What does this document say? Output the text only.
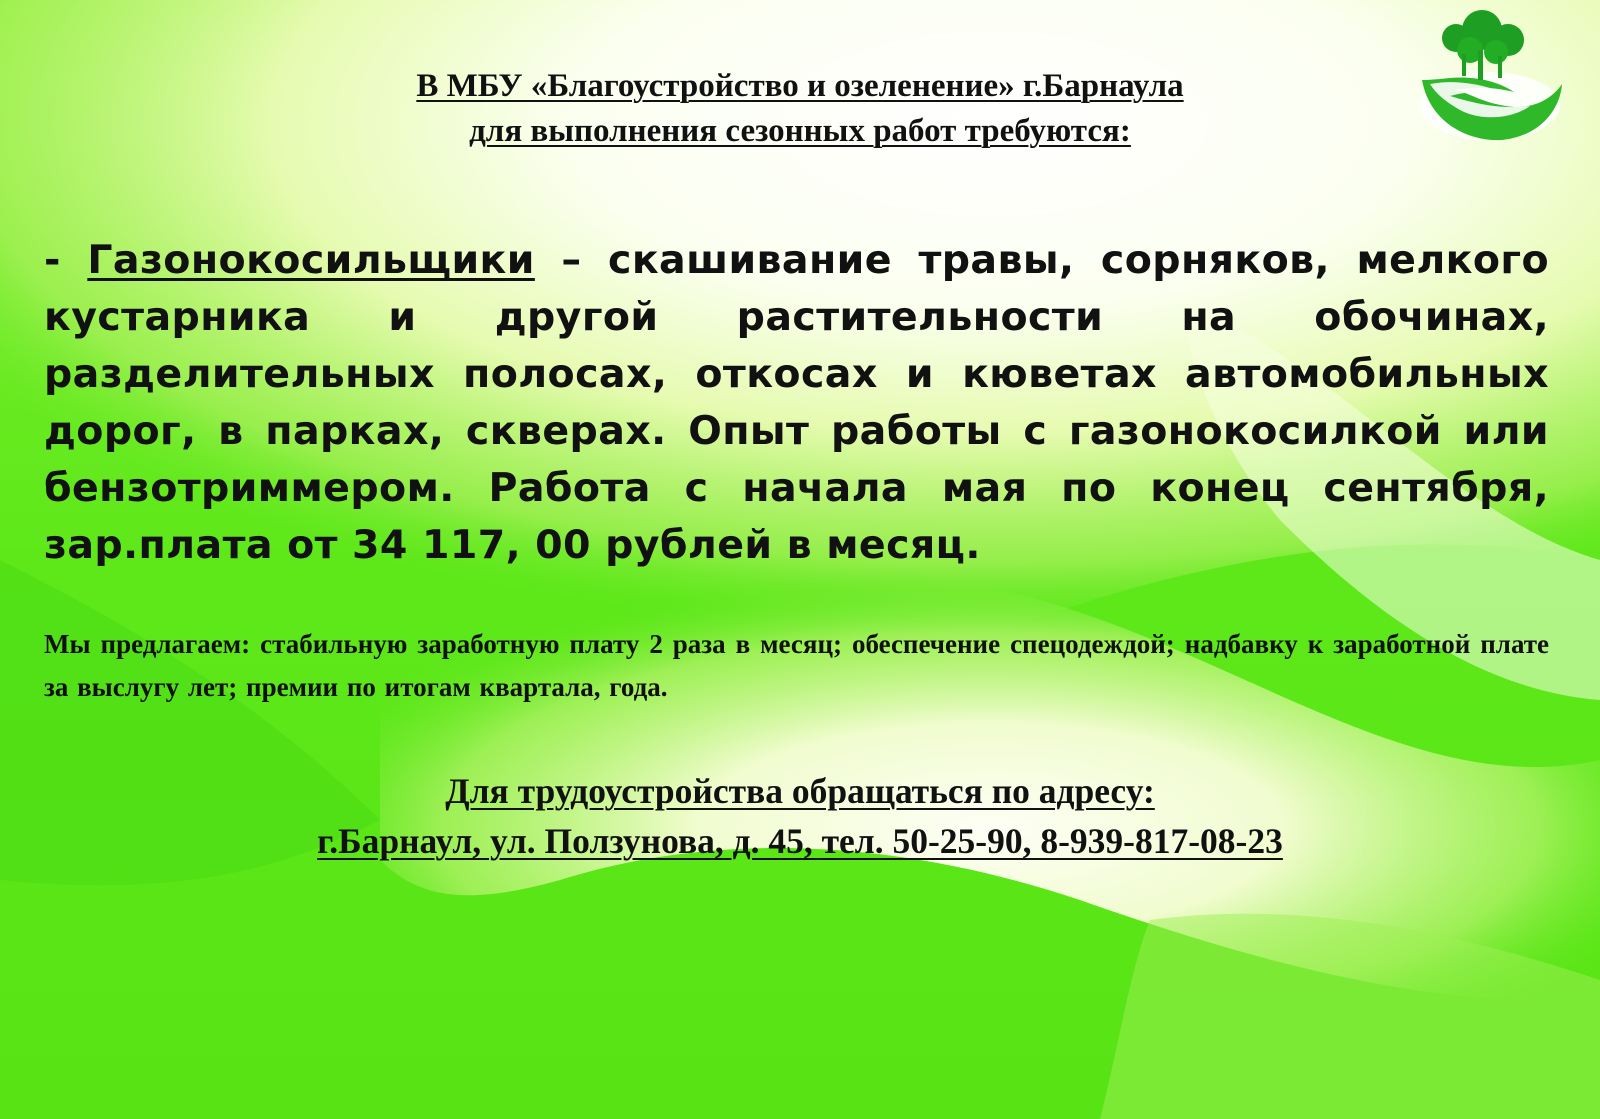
В МБУ «Благоустройство и озеленение» г.Барнаула
для выполнения сезонных работ требуются:
- Газонокосильщики – скашивание травы, сорняков, мелкого кустарника и другой растительности на обочинах, разделительных полосах, откосах и кюветах автомобильных дорог, в парках, скверах. Опыт работы с газонокосилкой или бензотриммером. Работа с начала мая по конец сентября, зар.плата от 34 117, 00 рублей в месяц.
Мы предлагаем: стабильную заработную плату 2 раза в месяц; обеспечение спецодеждой; надбавку к заработной плате за выслугу лет; премии по итогам квартала, года.
Для трудоустройства обращаться по адресу:
г.Барнаул, ул. Ползунова, д. 45, тел. 50-25-90, 8-939-817-08-23
